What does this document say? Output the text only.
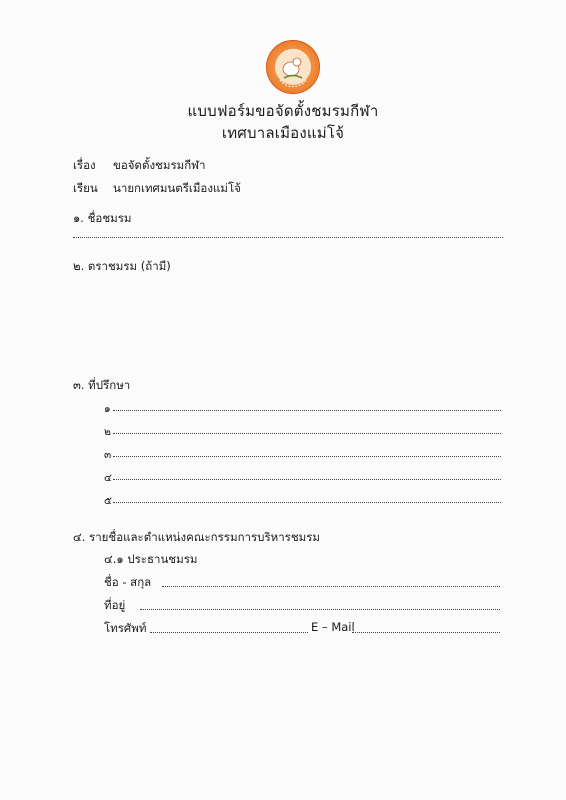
แบบฟอร์มขอจัดตั้งชมรมกีฬา
เทศบาลเมืองแม่โจ้
เรื่อง ขอจัดตั้งชมรมกีฬา
เรียน นายกเทศมนตรีเมืองแม่โจ้
๑. ชื่อชมรม
๒. ตราชมรม (ถ้ามี)
๓. ที่ปรึกษา
๑
๒
๓
๔
๕
๔. รายชื่อและตำแหน่งคณะกรรมการบริหารชมรม
๔.๑ ประธานชมรม
ชื่อ - สกุล
ที่อยู่
โทรศัพท์	E – Mail
